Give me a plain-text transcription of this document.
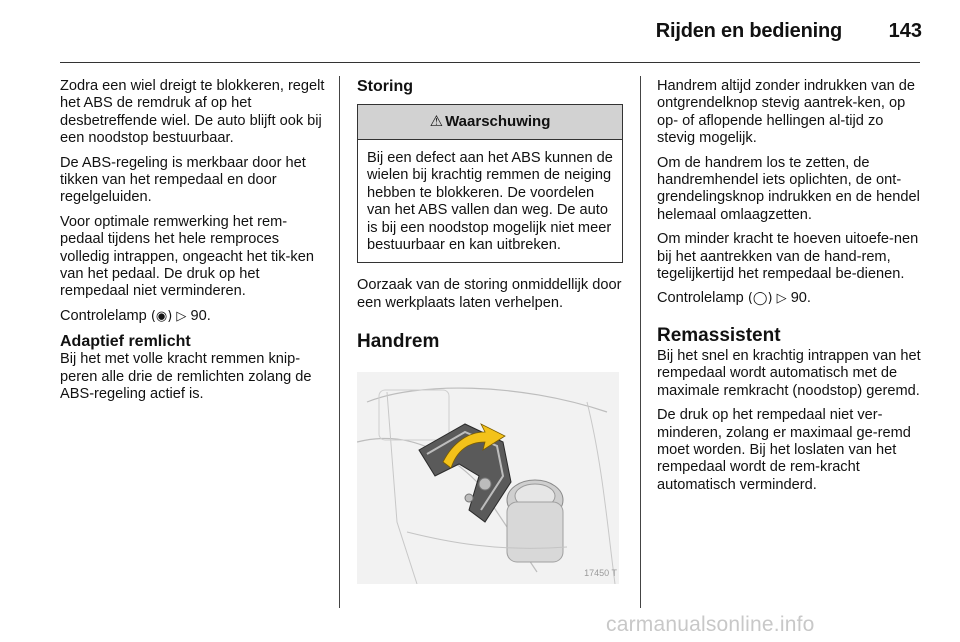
Rijden en bediening 143

Zodra een wiel dreigt te blokkeren, regelt het ABS de remdruk af op het desbetreffende wiel. De auto blijft ook bij een noodstop bestuurbaar.

De ABS-regeling is merkbaar door het tikken van het rempedaal en door regelgeluiden.

Voor optimale remwerking het rem-pedaal tijdens het hele remproces volledig intrappen, ongeacht het tik-ken van het pedaal. De druk op het rempedaal niet verminderen.

Controlelamp (◉) ▷ 90.

Adaptief remlicht

Bij het met volle kracht remmen knip-peren alle drie de remlichten zolang de ABS-regeling actief is.

Storing
⚠ Waarschuwing
Bij een defect aan het ABS kunnen de wielen bij krachtig remmen de neiging hebben te blokkeren. De voordelen van het ABS vallen dan weg. De auto is bij een noodstop mogelijk niet meer bestuurbaar en kan uitbreken.

Oorzaak van de storing onmiddellijk door een werkplaats laten verhelpen.

Handrem
17450 T

Handrem altijd zonder indrukken van de ontgrendelknop stevig aantrek-ken, op op- of aflopende hellingen al-tijd zo stevig mogelijk.

Om de handrem los te zetten, de handremhendel iets oplichten, de ont-grendelingsknop indrukken en de hendel helemaal omlaagzetten.

Om minder kracht te hoeven uitoefe-nen bij het aantrekken van de hand-rem, tegelijkertijd het rempedaal be-dienen.

Controlelamp (◯) ▷ 90.

Remassistent

Bij het snel en krachtig intrappen van het rempedaal wordt automatisch met de maximale remkracht (noodstop) geremd.

De druk op het rempedaal niet ver-minderen, zolang er maximaal ge-remd moet worden. Bij het loslaten van het rempedaal wordt de rem-kracht automatisch verminderd.

carmanualsonline.info
